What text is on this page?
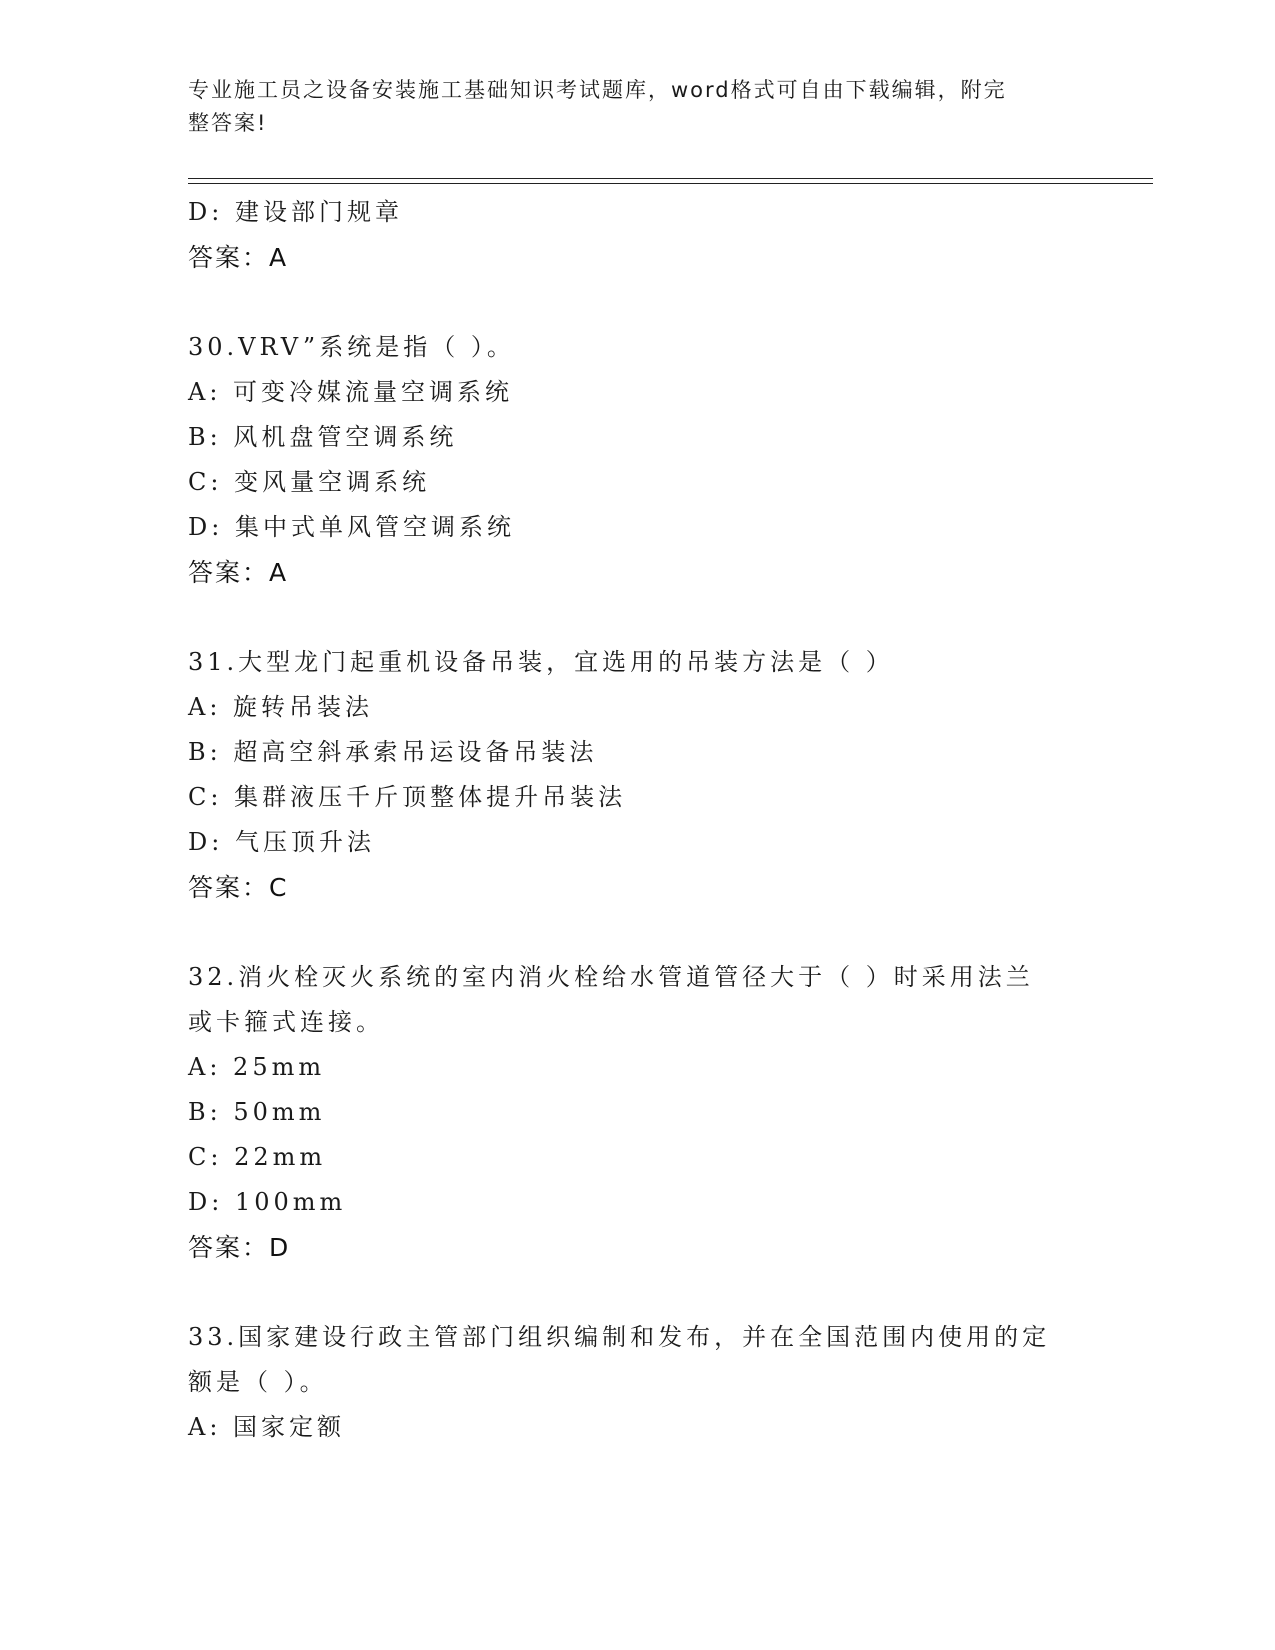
专业施工员之设备安装施工基础知识考试题库，word格式可自由下载编辑，附完
整答案!
D: 建设部门规章
答案：A
30.VRV”系统是指（ ）。
A: 可变冷媒流量空调系统
B: 风机盘管空调系统
C: 变风量空调系统
D: 集中式单风管空调系统
答案：A
31.大型龙门起重机设备吊装，宜选用的吊装方法是（ ）
A: 旋转吊装法
B: 超高空斜承索吊运设备吊装法
C: 集群液压千斤顶整体提升吊装法
D: 气压顶升法
答案：C
32.消火栓灭火系统的室内消火栓给水管道管径大于（ ）时采用法兰
或卡箍式连接。
A: 25mm
B: 50mm
C: 22mm
D: 100mm
答案：D
33.国家建设行政主管部门组织编制和发布，并在全国范围内使用的定
额是（ ）。
A: 国家定额
